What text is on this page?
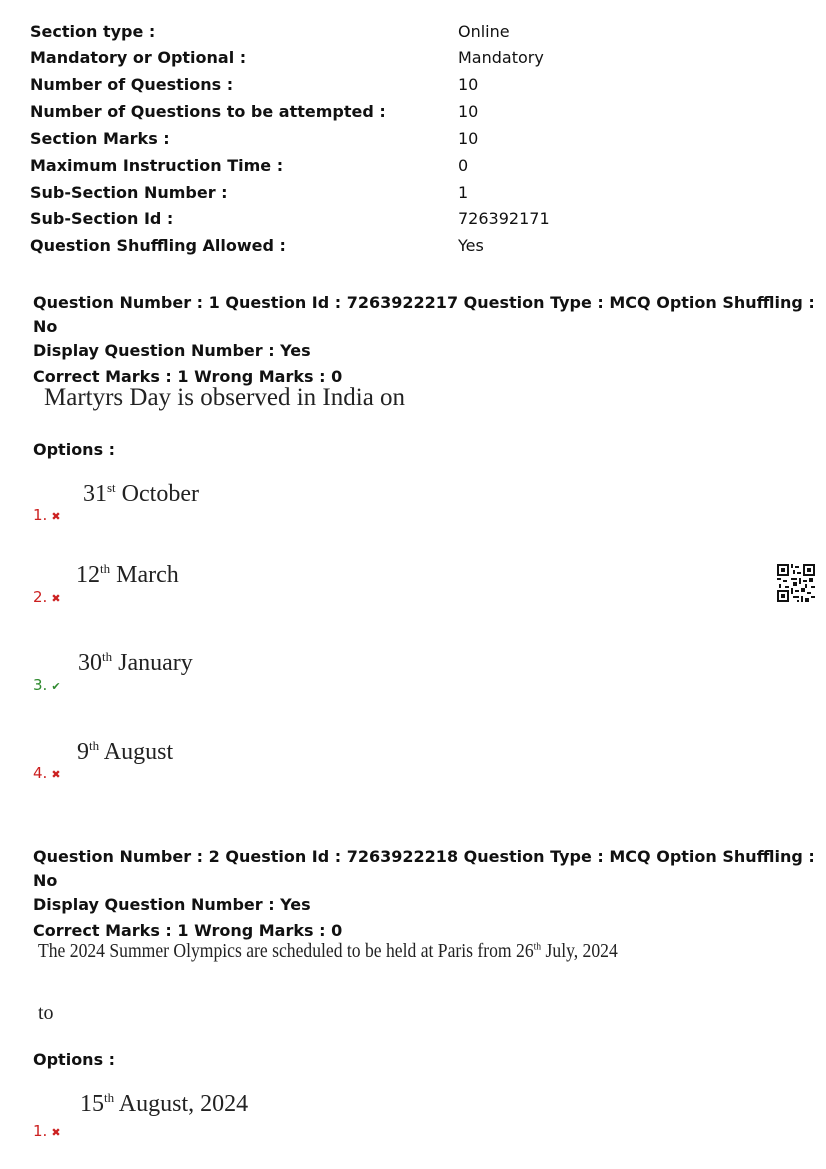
Section type :	Online
Mandatory or Optional :	Mandatory
Number of Questions :	10
Number of Questions to be attempted :	10
Section Marks :	10
Maximum Instruction Time :	0
Sub-Section Number :	1
Sub-Section Id :	726392171
Question Shuffling Allowed :	Yes
Question Number : 1 Question Id : 7263922217 Question Type : MCQ Option Shuffling : No
Display Question Number : Yes
Correct Marks : 1 Wrong Marks : 0
Martyrs Day is observed in India on
Options :
31st October
1. ✖
12th March
2. ✖
30th January
3. ✔
9th August
4. ✖
Question Number : 2 Question Id : 7263922218 Question Type : MCQ Option Shuffling : No
Display Question Number : Yes
Correct Marks : 1 Wrong Marks : 0
The 2024 Summer Olympics are scheduled to be held at Paris from 26th July, 2024
to
Options :
15th August, 2024
1. ✖
